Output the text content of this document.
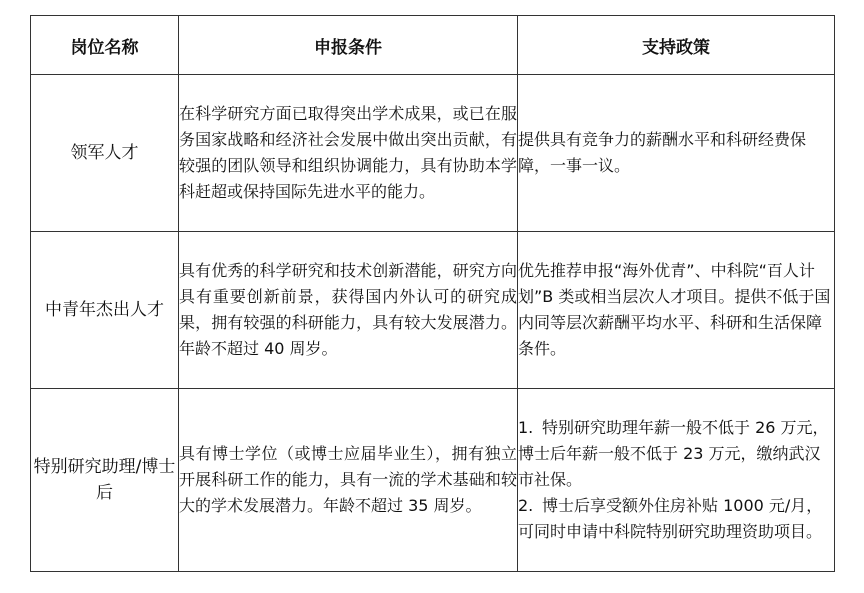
岗位名称	申报条件	支持政策
领军人才	在科学研究方面已取得突出学术成果，或已在服务国家战略和经济社会发展中做出突出贡献，有较强的团队领导和组织协调能力，具有协助本学科赶超或保持国际先进水平的能力。	提供具有竞争力的薪酬水平和科研经费保障，一事一议。
中青年杰出人才	具有优秀的科学研究和技术创新潜能，研究方向具有重要创新前景，获得国内外认可的研究成果，拥有较强的科研能力，具有较大发展潜力。年龄不超过 40 周岁。	优先推荐申报“海外优青”、中科院“百人计划”B 类或相当层次人才项目。提供不低于国内同等层次薪酬平均水平、科研和生活保障条件。
特别研究助理/博士后	具有博士学位（或博士应届毕业生），拥有独立开展科研工作的能力，具有一流的学术基础和较大的学术发展潜力。年龄不超过 35 周岁。	1. 特别研究助理年薪一般不低于 26 万元，博士后年薪一般不低于 23 万元，缴纳武汉市社保。
2. 博士后享受额外住房补贴 1000 元/月，可同时申请中科院特别研究助理资助项目。
